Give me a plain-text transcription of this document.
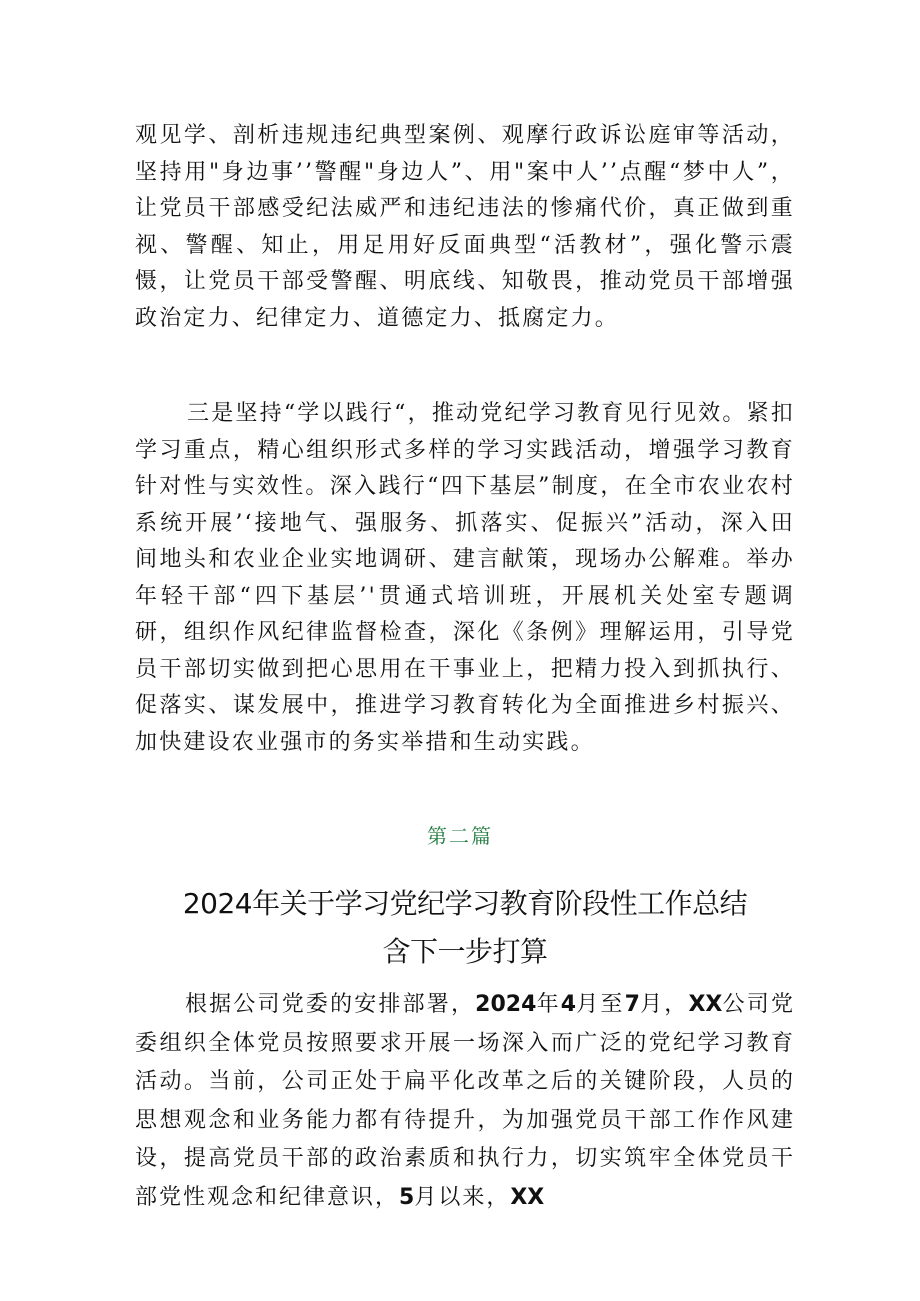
观见学、剖析违规违纪典型案例、观摩行政诉讼庭审等活动，坚持用"身边事’’警醒"身边人”、用"案中人’’点醒“梦中人”，让党员干部感受纪法威严和违纪违法的惨痛代价，真正做到重视、警醒、知止，用足用好反面典型“活教材”，强化警示震慑，让党员干部受警醒、明底线、知敬畏，推动党员干部增强政治定力、纪律定力、道德定力、抵腐定力。

三是坚持“学以践行“，推动党纪学习教育见行见效。紧扣学习重点，精心组织形式多样的学习实践活动，增强学习教育针对性与实效性。深入践行“四下基层”制度，在全市农业农村系统开展’‘接地气、强服务、抓落实、促振兴”活动，深入田间地头和农业企业实地调研、建言献策，现场办公解难。举办年轻干部“四下基层’'贯通式培训班，开展机关处室专题调研，组织作风纪律监督检查，深化《条例》理解运用，引导党员干部切实做到把心思用在干事业上，把精力投入到抓执行、促落实、谋发展中，推进学习教育转化为全面推进乡村振兴、加快建设农业强市的务实举措和生动实践。

第二篇
2024年关于学习党纪学习教育阶段性工作总结
含下一步打算

根据公司党委的安排部署，2024年4月至7月，XX公司党委组织全体党员按照要求开展一场深入而广泛的党纪学习教育活动。当前，公司正处于扁平化改革之后的关键阶段，人员的思想观念和业务能力都有待提升，为加强党员干部工作作风建设，提高党员干部的政治素质和执行力，切实筑牢全体党员干部党性观念和纪律意识，5月以来，XX
